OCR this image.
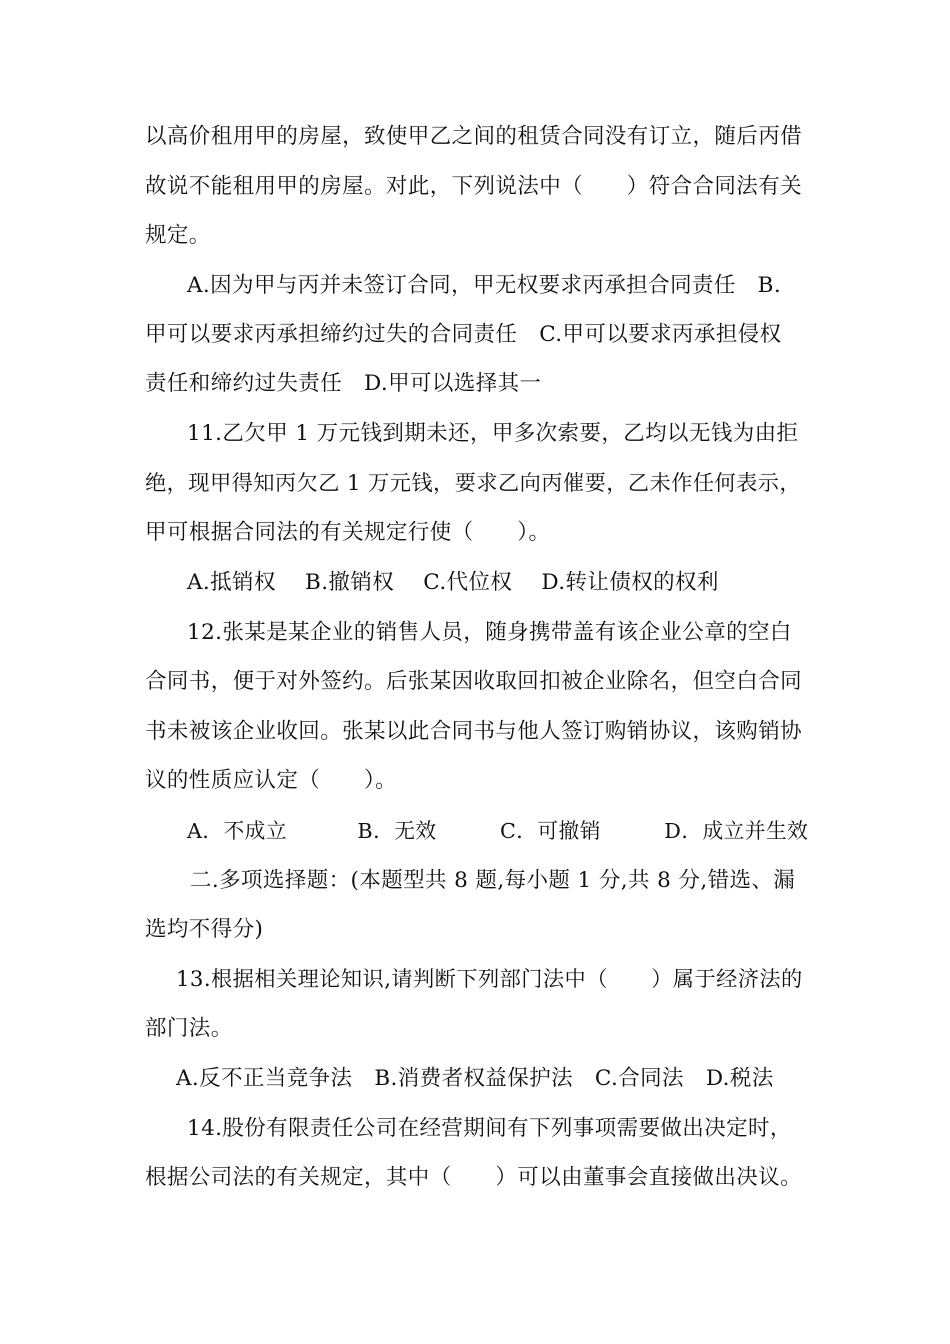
以高价租用甲的房屋，致使甲乙之间的租赁合同没有订立，随后丙借
故说不能租用甲的房屋。对此，下列说法中（　　）符合合同法有关
规定。
A.因为甲与丙并未签订合同，甲无权要求丙承担合同责任　B.
甲可以要求丙承担缔约过失的合同责任　C.甲可以要求丙承担侵权
责任和缔约过失责任　D.甲可以选择其一
11.乙欠甲 1 万元钱到期未还，甲多次索要，乙均以无钱为由拒
绝，现甲得知丙欠乙 1 万元钱，要求乙向丙催要，乙未作任何表示，
甲可根据合同法的有关规定行使（　　）。
A.抵销权　 B.撤销权　 C.代位权　 D.转让债权的权利
12.张某是某企业的销售人员，随身携带盖有该企业公章的空白
合同书，便于对外签约。后张某因收取回扣被企业除名，但空白合同
书未被该企业收回。张某以此合同书与他人签订购销协议，该购销协
议的性质应认定（　　）。
A．不成立　　　 B．无效　　　C．可撤销　　　D．成立并生效
二.多项选择题：(本题型共 8 题,每小题 1 分,共 8 分,错选、漏
选均不得分)
13.根据相关理论知识,请判断下列部门法中（　　）属于经济法的
部门法。
A.反不正当竞争法　B.消费者权益保护法　C.合同法　D.税法
14.股份有限责任公司在经营期间有下列事项需要做出决定时，
根据公司法的有关规定，其中（　　）可以由董事会直接做出决议。
